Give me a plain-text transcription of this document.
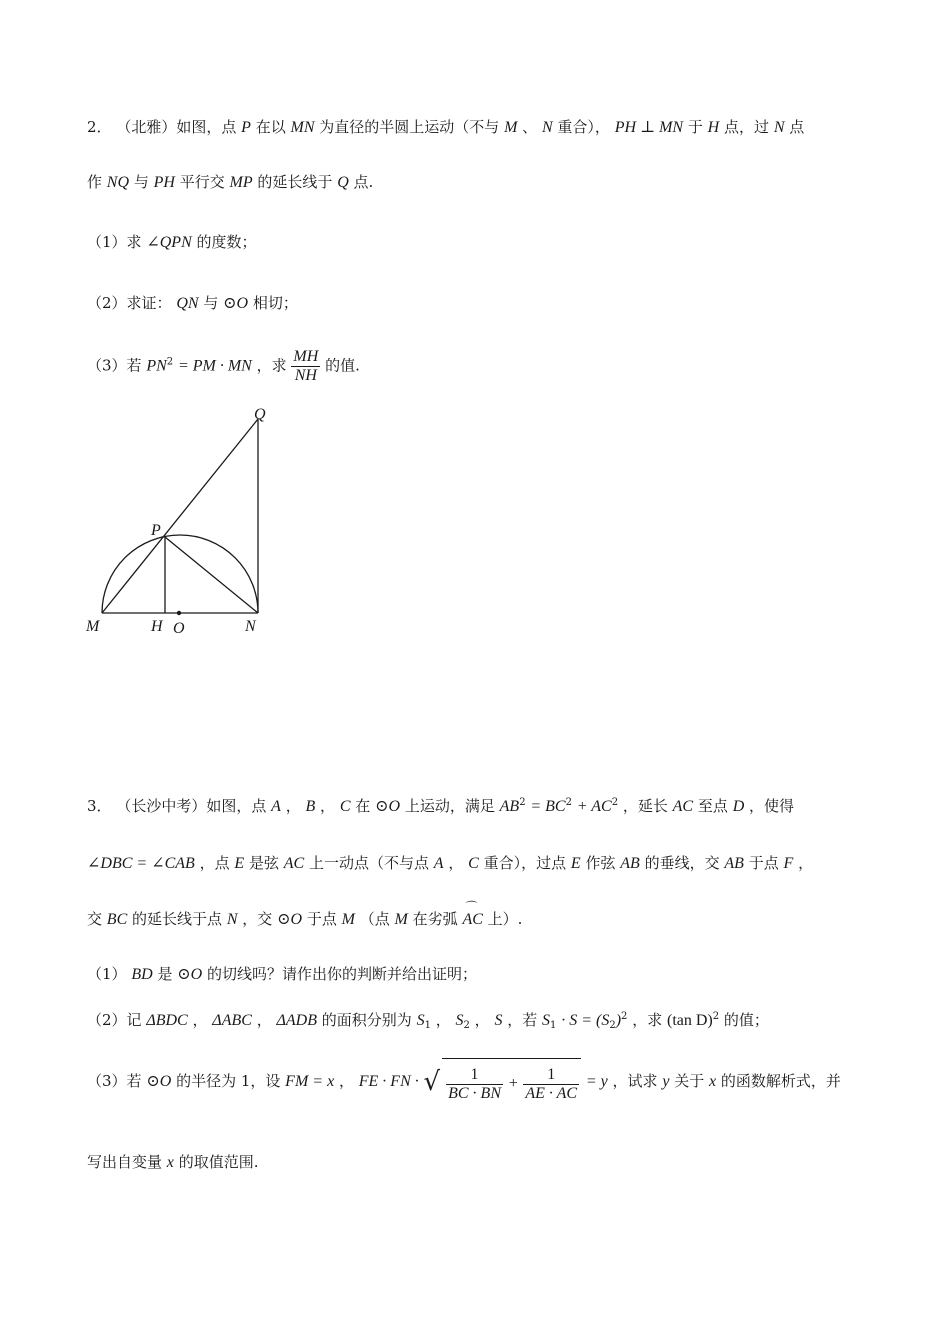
2． （北雅）如图，点 P 在以 MN 为直径的半圆上运动（不与 M 、 N 重合）， PH ⊥ MN 于 H 点，过 N 点
作 NQ 与 PH 平行交 MP 的延长线于 Q 点.
（1）求 ∠QPN 的度数；
（2）求证： QN 与 ⊙O 相切；
（3）若 $PN^2$ = PM · MN ，求 $\frac{MH}{NH}$ 的值.
Q
P
M	H O	N
3． （长沙中考）如图，点 A ， B ， C 在 ⊙O 上运动，满足 $AB^2 = BC^2 + AC^2$ ，延长 AC 至点 D ，使得
∠DBC = ∠CAB ，点 E 是弦 AC 上一动点（不与点 A ， C 重合），过点 E 作弦 AB 的垂线，交 AB 于点 F ，
交 BC 的延长线于点 N ，交 ⊙O 于点 M （点 M 在劣弧
⌒
AC 上）.
（1） BD 是 ⊙O 的切线吗？请作出你的判断并给出证明；
（2）记 ΔBDC ， ΔABC ， ΔADB 的面积分别为 $S_1$ ， $S_2$ ， S ，若 $S_1 \cdot S = (S_2)^2$ ，求 (tan D)$^2$ 的值；
（3）若 ⊙O 的半径为 1，设 FM = x ， FE · FN · √ $\frac{1}{BC \cdot BN} + \frac{1}{AE \cdot AC} = y$ ，试求 y 关于 x 的函数解析式，并
写出自变量 x 的取值范围.
